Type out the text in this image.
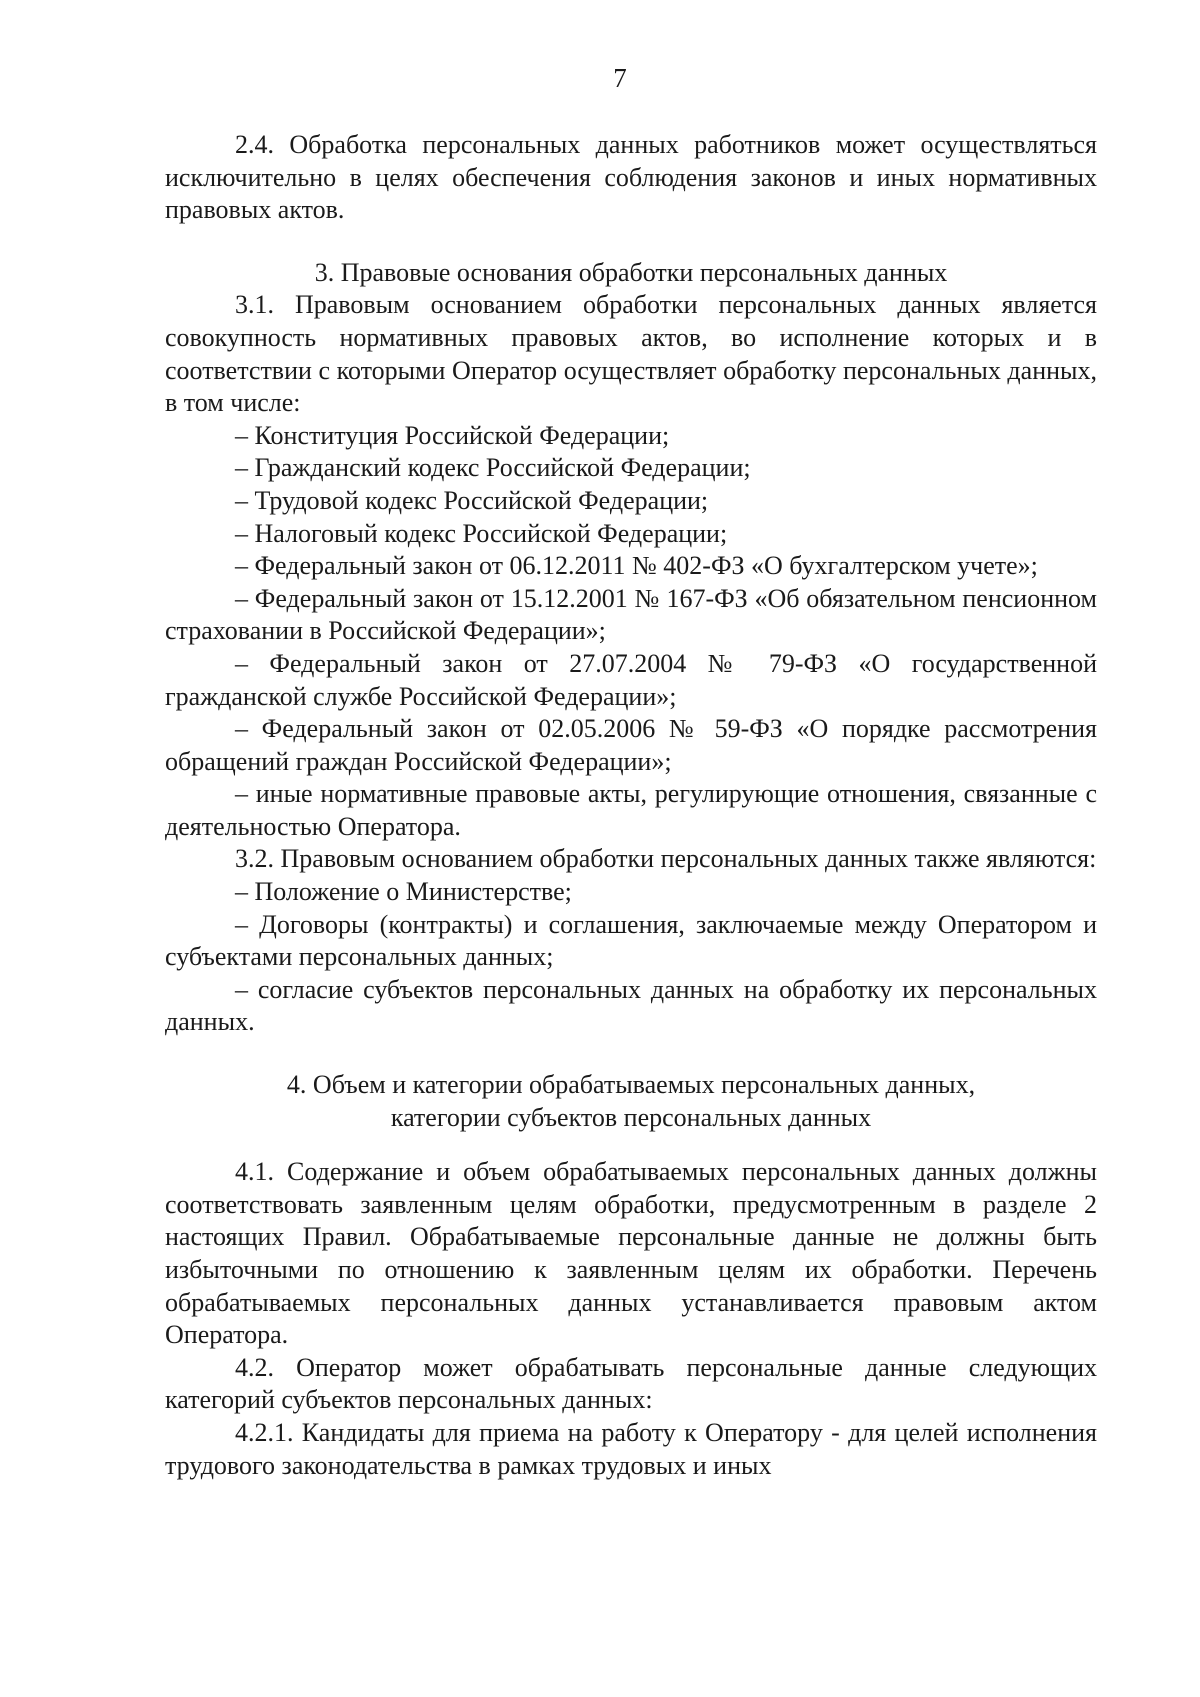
7

2.4. Обработка персональных данных работников может осуществляться исключительно в целях обеспечения соблюдения законов и иных нормативных правовых актов.

3. Правовые основания обработки персональных данных

3.1. Правовым основанием обработки персональных данных является совокупность нормативных правовых актов, во исполнение которых и в соответствии с которыми Оператор осуществляет обработку персональных данных, в том числе:

– Конституция Российской Федерации;

– Гражданский кодекс Российской Федерации;

– Трудовой кодекс Российской Федерации;

– Налоговый кодекс Российской Федерации;

– Федеральный закон от 06.12.2011 № 402-ФЗ «О бухгалтерском учете»;

– Федеральный закон от 15.12.2001 № 167-ФЗ «Об обязательном пенсионном страховании в Российской Федерации»;

– Федеральный закон от 27.07.2004 № 79-ФЗ «О государственной гражданской службе Российской Федерации»;

– Федеральный закон от 02.05.2006 № 59-ФЗ «О порядке рассмотрения обращений граждан Российской Федерации»;

– иные нормативные правовые акты, регулирующие отношения, связанные с деятельностью Оператора.

3.2. Правовым основанием обработки персональных данных также являются:

– Положение о Министерстве;

– Договоры (контракты) и соглашения, заключаемые между Оператором и субъектами персональных данных;

– согласие субъектов персональных данных на обработку их персональных данных.

4. Объем и категории обрабатываемых персональных данных,

категории субъектов персональных данных

4.1. Содержание и объем обрабатываемых персональных данных должны соответствовать заявленным целям обработки, предусмотренным в разделе 2 настоящих Правил. Обрабатываемые персональные данные не должны быть избыточными по отношению к заявленным целям их обработки. Перечень обрабатываемых персональных данных устанавливается правовым актом Оператора.

4.2. Оператор может обрабатывать персональные данные следующих категорий субъектов персональных данных:

4.2.1. Кандидаты для приема на работу к Оператору - для целей исполнения трудового законодательства в рамках трудовых и иных
